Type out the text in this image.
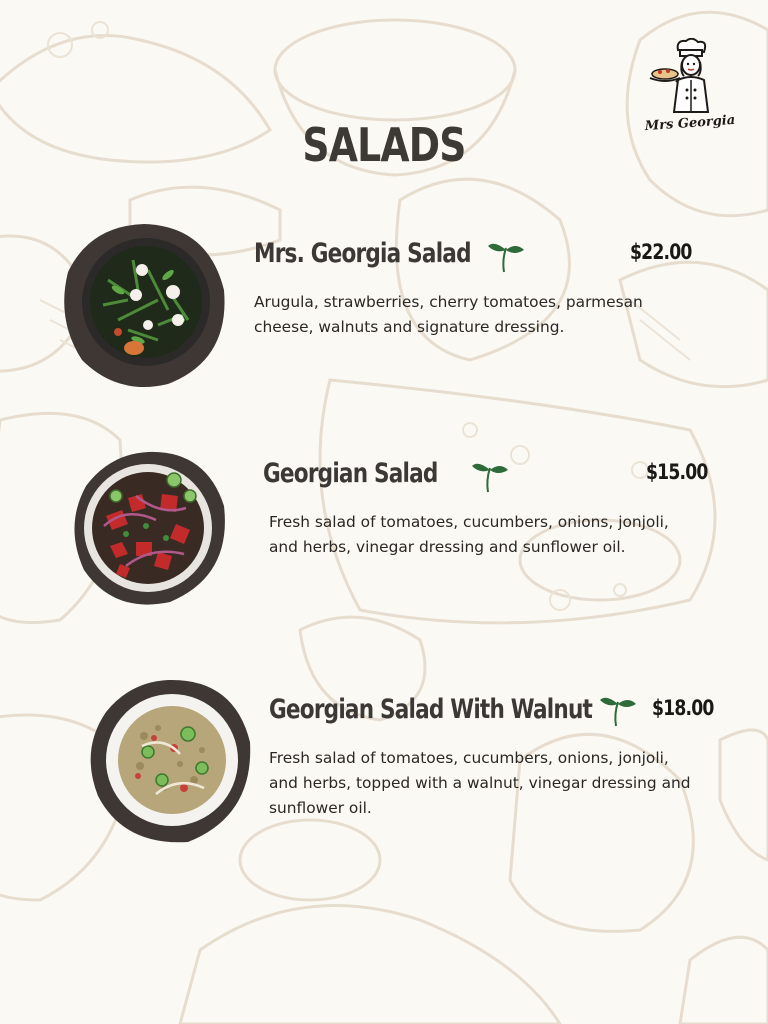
Mrs Georgia
SALADS
Mrs. Georgia Salad	$22.00
Arugula, strawberries, cherry tomatoes, parmesan cheese, walnuts and signature dressing.
Georgian Salad	$15.00
Fresh salad of tomatoes, cucumbers, onions, jonjoli, and herbs, vinegar dressing and sunflower oil.
Georgian Salad With Walnut	$18.00
Fresh salad of tomatoes, cucumbers, onions, jonjoli, and herbs, topped with a walnut, vinegar dressing and sunflower oil.
